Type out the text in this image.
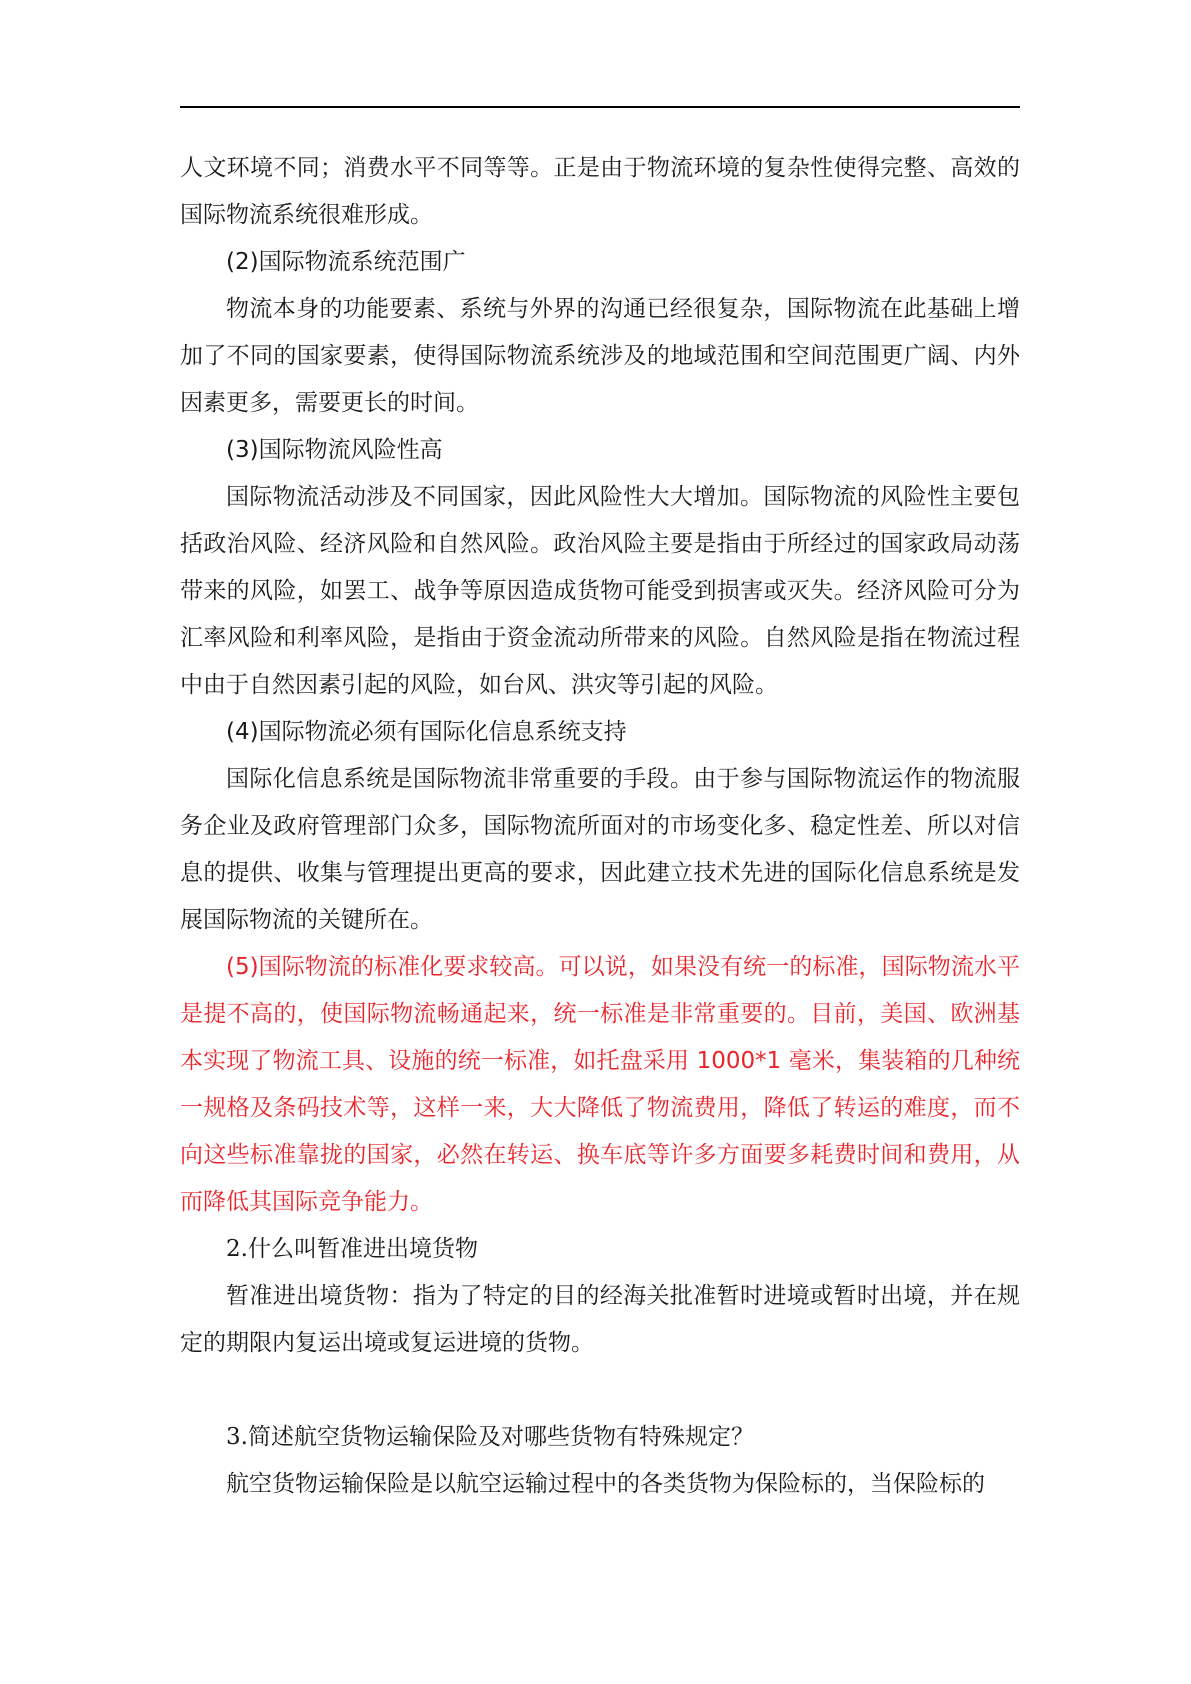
人文环境不同；消费水平不同等等。正是由于物流环境的复杂性使得完整、高效的国际物流系统很难形成。

(2)国际物流系统范围广

物流本身的功能要素、系统与外界的沟通已经很复杂，国际物流在此基础上增加了不同的国家要素，使得国际物流系统涉及的地域范围和空间范围更广阔、内外因素更多，需要更长的时间。

(3)国际物流风险性高

国际物流活动涉及不同国家，因此风险性大大增加。国际物流的风险性主要包括政治风险、经济风险和自然风险。政治风险主要是指由于所经过的国家政局动荡带来的风险，如罢工、战争等原因造成货物可能受到损害或灭失。经济风险可分为汇率风险和利率风险，是指由于资金流动所带来的风险。自然风险是指在物流过程中由于自然因素引起的风险，如台风、洪灾等引起的风险。

(4)国际物流必须有国际化信息系统支持

国际化信息系统是国际物流非常重要的手段。由于参与国际物流运作的物流服务企业及政府管理部门众多，国际物流所面对的市场变化多、稳定性差、所以对信息的提供、收集与管理提出更高的要求，因此建立技术先进的国际化信息系统是发展国际物流的关键所在。

(5)国际物流的标准化要求较高。可以说，如果没有统一的标准，国际物流水平是提不高的，使国际物流畅通起来，统一标准是非常重要的。目前，美国、欧洲基本实现了物流工具、设施的统一标准，如托盘采用 1000*1 毫米，集装箱的几种统一规格及条码技术等，这样一来，大大降低了物流费用，降低了转运的难度，而不向这些标准靠拢的国家，必然在转运、换车底等许多方面要多耗费时间和费用，从而降低其国际竞争能力。

2.什么叫暂准进出境货物

暂准进出境货物：指为了特定的目的经海关批准暂时进境或暂时出境，并在规定的期限内复运出境或复运进境的货物。

3.简述航空货物运输保险及对哪些货物有特殊规定？

航空货物运输保险是以航空运输过程中的各类货物为保险标的，当保险标的
